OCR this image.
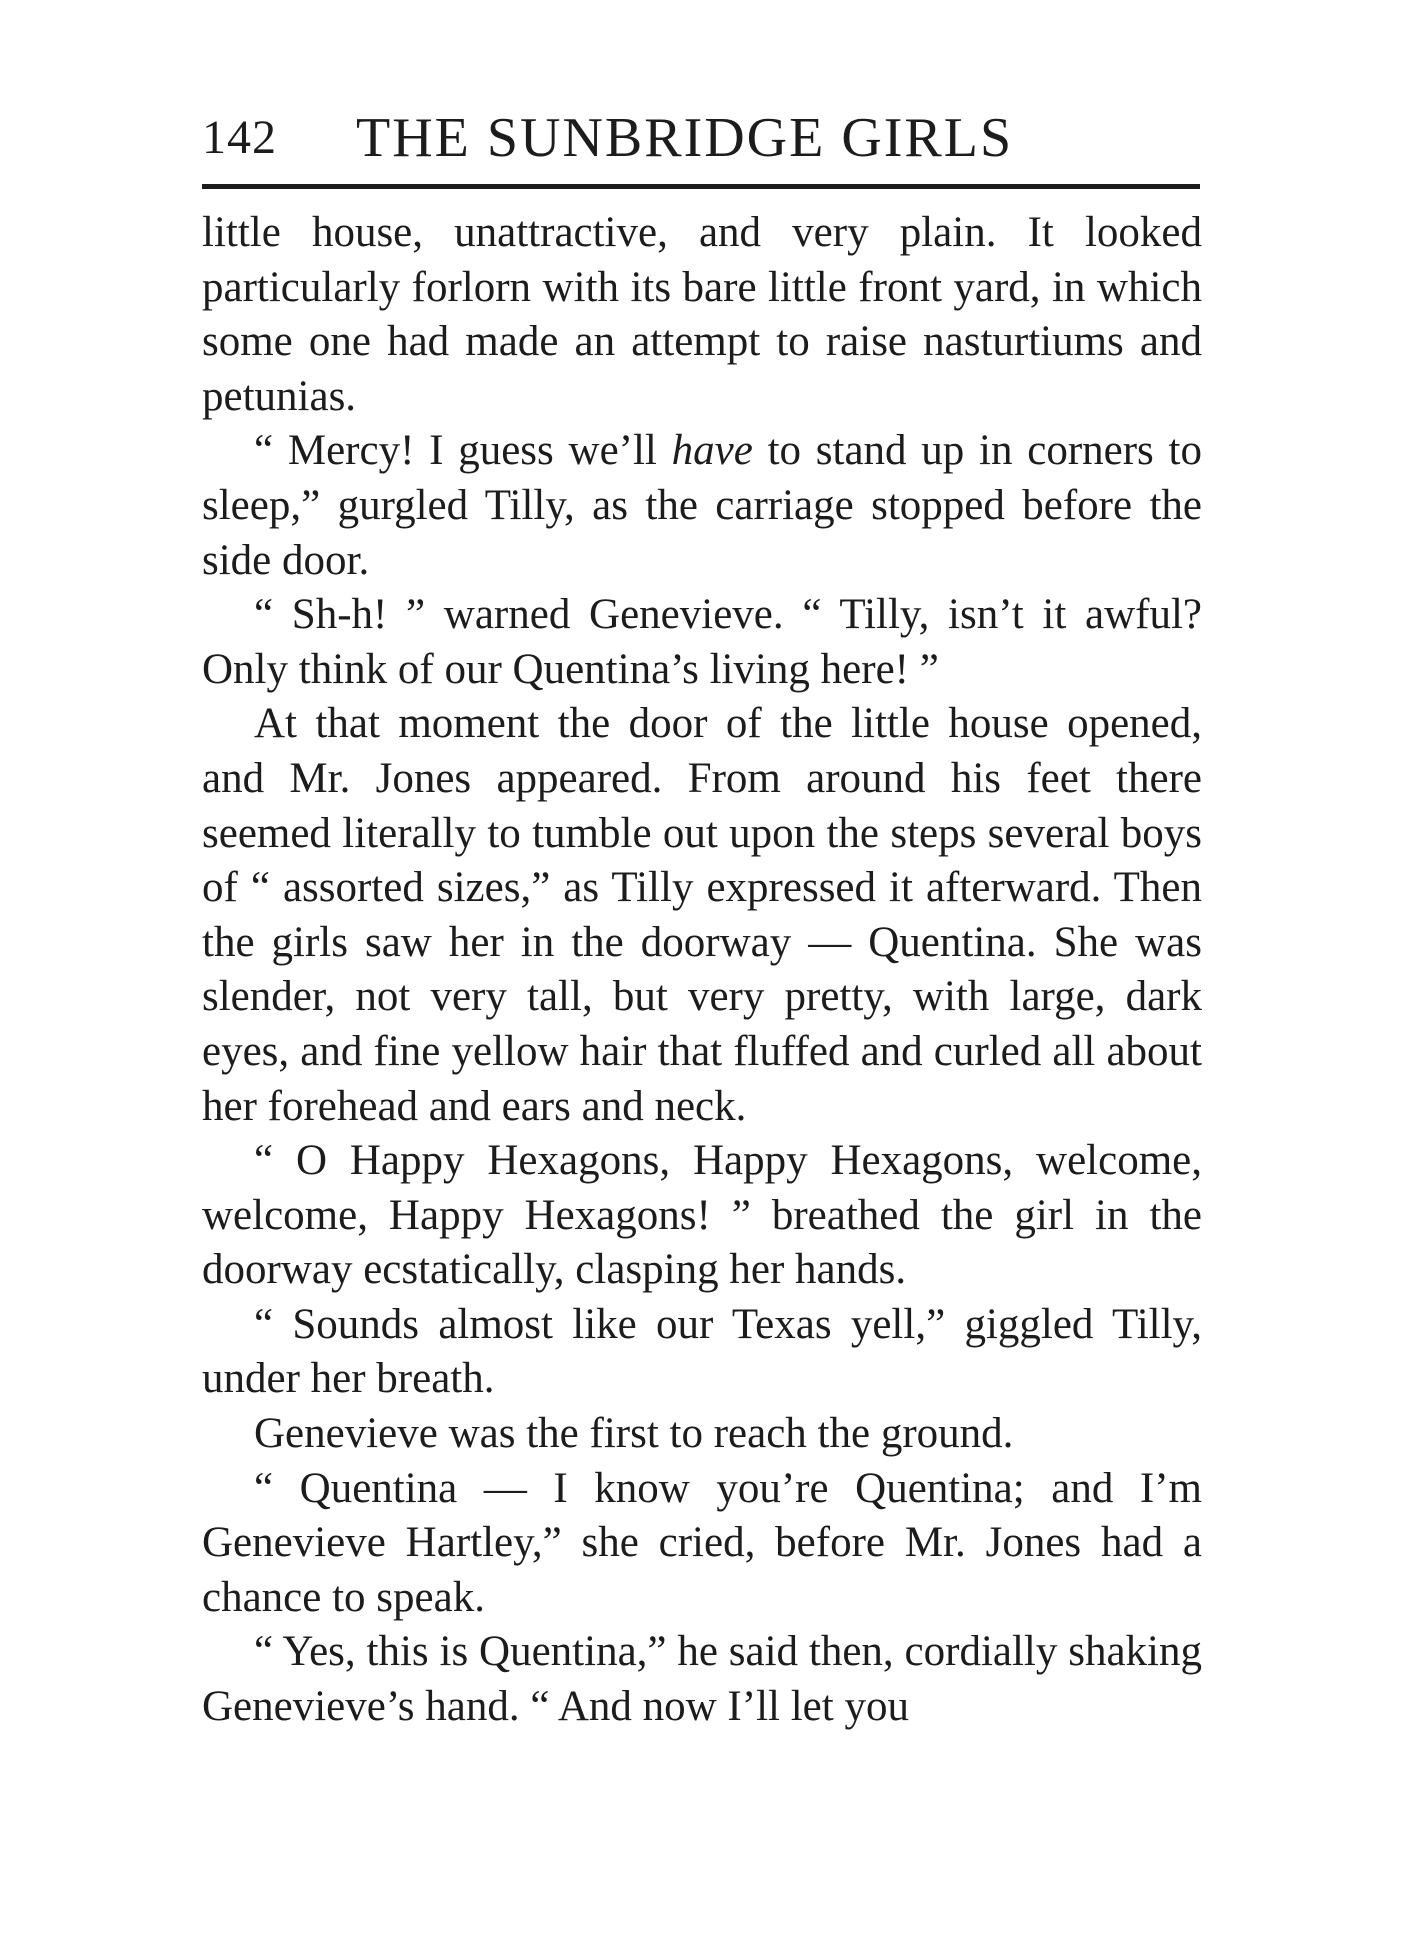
142 THE SUNBRIDGE GIRLS

little house, unattractive, and very plain. It looked particularly forlorn with its bare little front yard, in which some one had made an attempt to raise nasturtiums and petunias.

“ Mercy! I guess we’ll have to stand up in corners to sleep,” gurgled Tilly, as the carriage stopped before the side door.

“ Sh-h! ” warned Genevieve. “ Tilly, isn’t it awful? Only think of our Quentina’s living here! ”

At that moment the door of the little house opened, and Mr. Jones appeared. From around his feet there seemed literally to tumble out upon the steps several boys of “ assorted sizes,” as Tilly expressed it afterward. Then the girls saw her in the doorway — Quentina. She was slender, not very tall, but very pretty, with large, dark eyes, and fine yellow hair that fluffed and curled all about her forehead and ears and neck.

“ O Happy Hexagons, Happy Hexagons, welcome, welcome, Happy Hexagons! ” breathed the girl in the doorway ecstatically, clasping her hands.

“ Sounds almost like our Texas yell,” giggled Tilly, under her breath.

Genevieve was the first to reach the ground.

“ Quentina — I know you’re Quentina; and I’m Genevieve Hartley,” she cried, before Mr. Jones had a chance to speak.

“ Yes, this is Quentina,” he said then, cordially shaking Genevieve’s hand. “ And now I’ll let you
